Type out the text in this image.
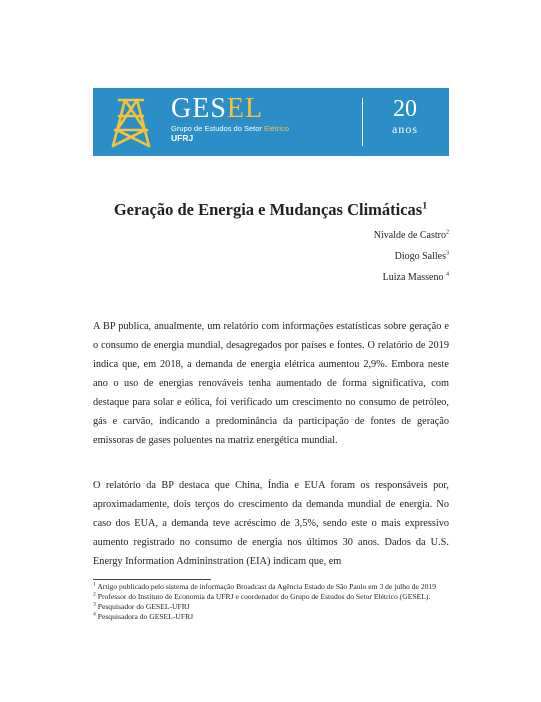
GESEL
Grupo de Estudos do Setor Elétrico
UFRJ
20
anos
Geração de Energia e Mudanças Climáticas$^1$
Nivalde de Castro$^2$
Diogo Salles$^3$
Luiza Masseno $^4$

A BP publica, anualmente, um relatório com informações estatísticas sobre geração e o consumo de energia mundial, desagregados por países e fontes. O relatório de 2019 indica que, em 2018, a demanda de energia elétrica aumentou 2,9%. Embora neste ano o uso de energias renováveis tenha aumentado de forma significativa, com destaque para solar e eólica, foi verificado um crescimento no consumo de petróleo, gás e carvão, indicando a predominância da participação de fontes de geração emissoras de gases poluentes na matriz energética mundial.

O relatório da BP destaca que China, Índia e EUA foram os responsáveis por, aproximadamente, dois terços do crescimento da demanda mundial de energia. No caso dos EUA, a demanda teve acréscimo de 3,5%, sendo este o mais expressivo aumento registrado no consumo de energia nos últimos 30 anos. Dados da U.S. Energy Information Admininstration (EIA) indicam que, em

$^1$ Artigo publicado pelo sistema de informação Broadcast da Agência Estado de São Paulo em 3 de julho de 2019
$^2$ Professor do Instituto de Economia da UFRJ e coordenador do Grupo de Estudos do Setor Elétrico (GESEL).
$^3$ Pesquisador do GESEL-UFRJ
$^4$ Pesquisadora do GESEL-UFRJ
